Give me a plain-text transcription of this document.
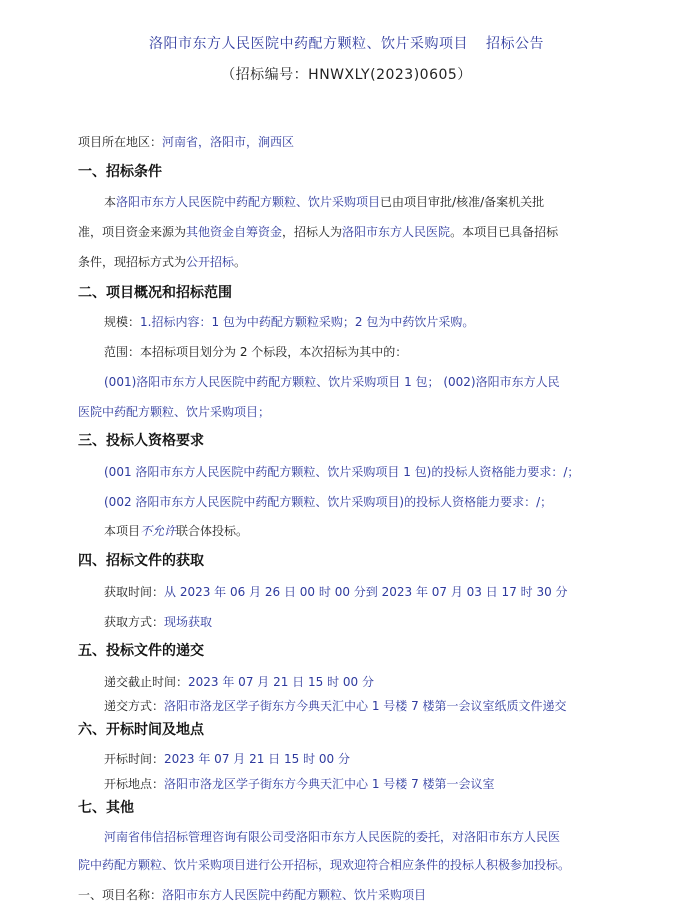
洛阳市东方人民医院中药配方颗粒、饮片采购项目 招标公告
（招标编号：HNWXLY(2023)0605）
项目所在地区：河南省，洛阳市，涧西区
一、招标条件
本洛阳市东方人民医院中药配方颗粒、饮片采购项目已由项目审批/核准/备案机关批
准，项目资金来源为其他资金自筹资金，招标人为洛阳市东方人民医院。本项目已具备招标
条件，现招标方式为公开招标。
二、项目概况和招标范围
规模：1.招标内容：1 包为中药配方颗粒采购；2 包为中药饮片采购。
范围：本招标项目划分为 2 个标段，本次招标为其中的：
(001)洛阳市东方人民医院中药配方颗粒、饮片采购项目 1 包； (002)洛阳市东方人民
医院中药配方颗粒、饮片采购项目；
三、投标人资格要求
(001 洛阳市东方人民医院中药配方颗粒、饮片采购项目 1 包)的投标人资格能力要求：/；
(002 洛阳市东方人民医院中药配方颗粒、饮片采购项目)的投标人资格能力要求：/；
本项目不允许联合体投标。
四、招标文件的获取
获取时间：从 2023 年 06 月 26 日 00 时 00 分到 2023 年 07 月 03 日 17 时 30 分
获取方式：现场获取
五、投标文件的递交
递交截止时间：2023 年 07 月 21 日 15 时 00 分
递交方式：洛阳市洛龙区学子街东方今典天汇中心 1 号楼 7 楼第一会议室纸质文件递交
六、开标时间及地点
开标时间：2023 年 07 月 21 日 15 时 00 分
开标地点：洛阳市洛龙区学子街东方今典天汇中心 1 号楼 7 楼第一会议室
七、其他
河南省伟信招标管理咨询有限公司受洛阳市东方人民医院的委托，对洛阳市东方人民医
院中药配方颗粒、饮片采购项目进行公开招标，现欢迎符合相应条件的投标人积极参加投标。
一、项目名称：洛阳市东方人民医院中药配方颗粒、饮片采购项目
